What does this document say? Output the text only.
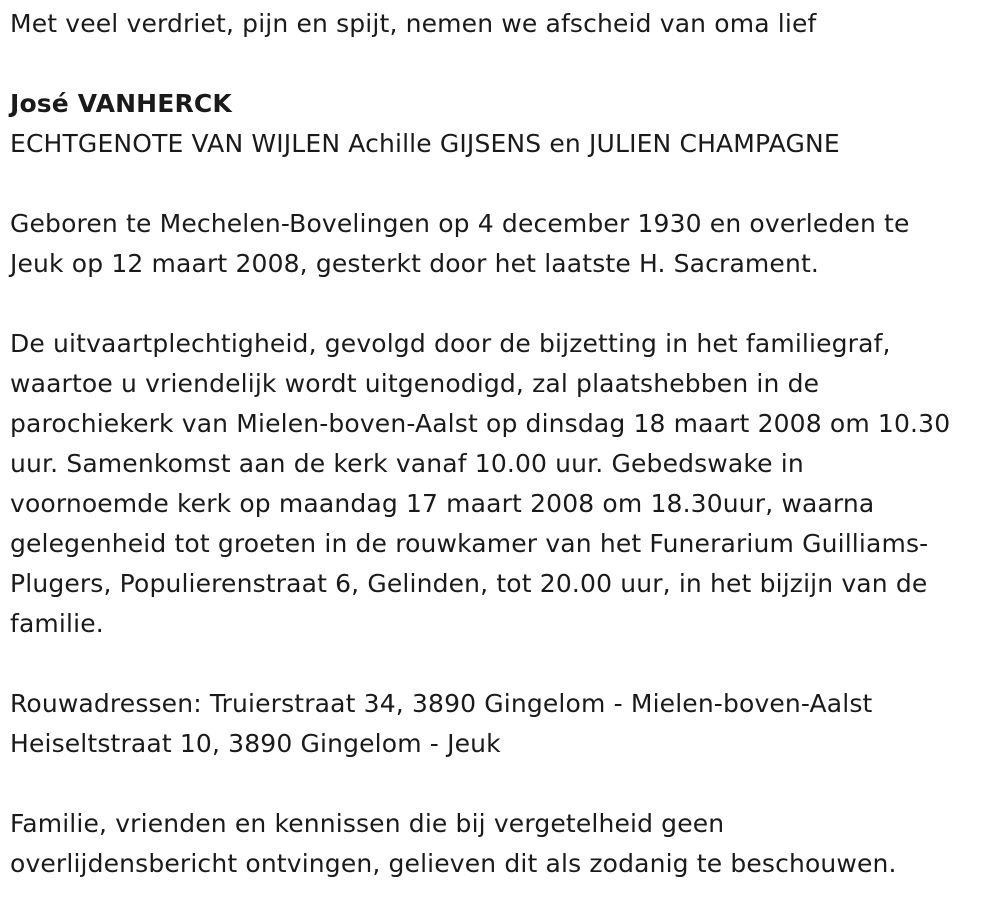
Met veel verdriet, pijn en spijt, nemen we afscheid van oma lief
José VANHERCK
ECHTGENOTE VAN WIJLEN Achille GIJSENS en JULIEN CHAMPAGNE
Geboren te Mechelen-Bovelingen op 4 december 1930 en overleden te
Jeuk op 12 maart 2008, gesterkt door het laatste H. Sacrament.
De uitvaartplechtigheid, gevolgd door de bijzetting in het familiegraf,
waartoe u vriendelijk wordt uitgenodigd, zal plaatshebben in de
parochiekerk van Mielen-boven-Aalst op dinsdag 18 maart 2008 om 10.30
uur. Samenkomst aan de kerk vanaf 10.00 uur. Gebedswake in
voornoemde kerk op maandag 17 maart 2008 om 18.30uur, waarna
gelegenheid tot groeten in de rouwkamer van het Funerarium Guilliams-
Plugers, Populierenstraat 6, Gelinden, tot 20.00 uur, in het bijzijn van de
familie.
Rouwadressen: Truierstraat 34, 3890 Gingelom - Mielen-boven-Aalst
Heiseltstraat 10, 3890 Gingelom - Jeuk
Familie, vrienden en kennissen die bij vergetelheid geen
overlijdensbericht ontvingen, gelieven dit als zodanig te beschouwen.
